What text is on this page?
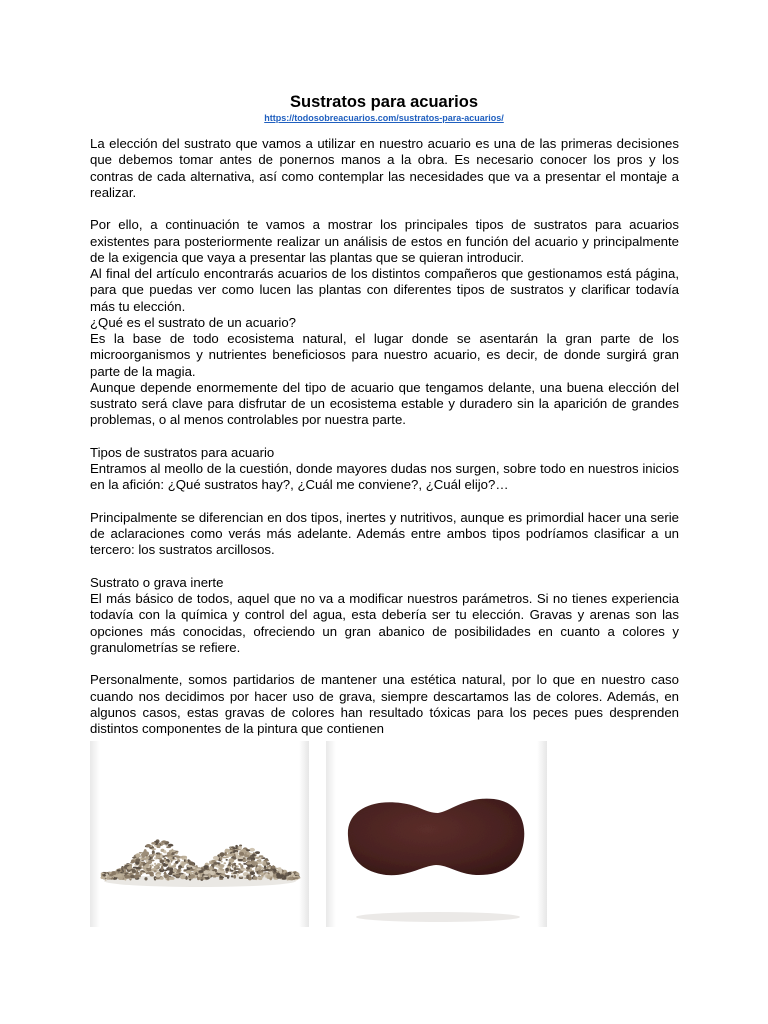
Sustratos para acuarios
https://todosobreacuarios.com/sustratos-para-acuarios/

La elección del sustrato que vamos a utilizar en nuestro acuario es una de las primeras decisiones que debemos tomar antes de ponernos manos a la obra. Es necesario conocer los pros y los contras de cada alternativa, así como contemplar las necesidades que va a presentar el montaje a realizar.

Por ello, a continuación te vamos a mostrar los principales tipos de sustratos para acuarios existentes para posteriormente realizar un análisis de estos en función del acuario y principalmente de la exigencia que vaya a presentar las plantas que se quieran introducir.

Al final del artículo encontrarás acuarios de los distintos compañeros que gestionamos está página, para que puedas ver como lucen las plantas con diferentes tipos de sustratos y clarificar todavía más tu elección.

¿Qué es el sustrato de un acuario?

Es la base de todo ecosistema natural, el lugar donde se asentarán la gran parte de los microorganismos y nutrientes beneficiosos para nuestro acuario, es decir, de donde surgirá gran parte de la magia.

Aunque depende enormemente del tipo de acuario que tengamos delante, una buena elección del sustrato será clave para disfrutar de un ecosistema estable y duradero sin la aparición de grandes problemas, o al menos controlables por nuestra parte.

Tipos de sustratos para acuario

Entramos al meollo de la cuestión, donde mayores dudas nos surgen, sobre todo en nuestros inicios en la afición: ¿Qué sustratos hay?, ¿Cuál me conviene?, ¿Cuál elijo?…

Principalmente se diferencian en dos tipos, inertes y nutritivos, aunque es primordial hacer una serie de aclaraciones como verás más adelante. Además entre ambos tipos podríamos clasificar a un tercero: los sustratos arcillosos.

Sustrato o grava inerte

El más básico de todos, aquel que no va a modificar nuestros parámetros. Si no tienes experiencia todavía con la química y control del agua, esta debería ser tu elección. Gravas y arenas son las opciones más conocidas, ofreciendo un gran abanico de posibilidades en cuanto a colores y granulometrías se refiere.

Personalmente, somos partidarios de mantener una estética natural, por lo que en nuestro caso cuando nos decidimos por hacer uso de grava, siempre descartamos las de colores. Además, en algunos casos, estas gravas de colores han resultado tóxicas para los peces pues desprenden distintos componentes de la pintura que contienen
